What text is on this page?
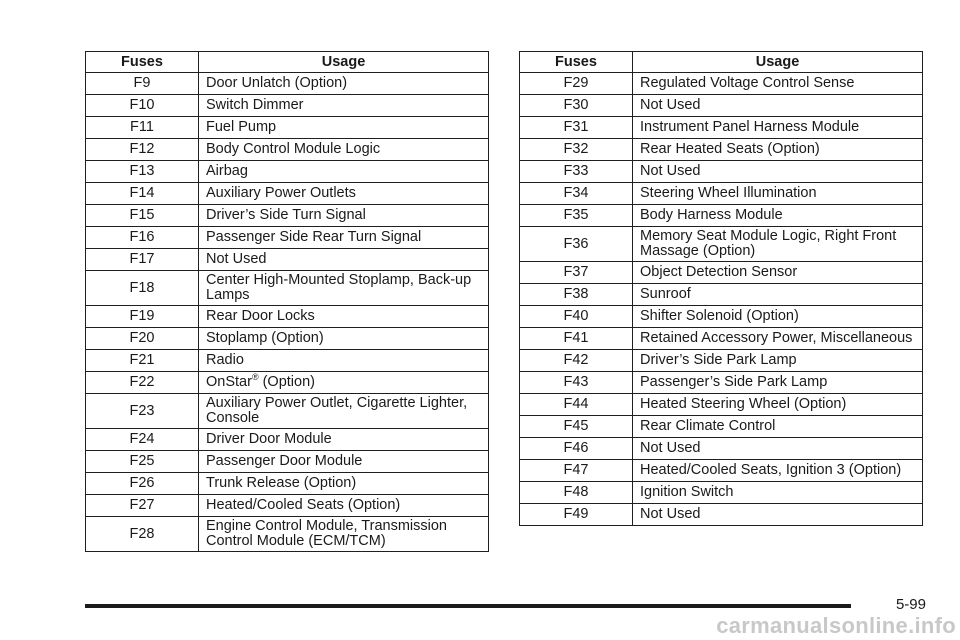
Fuses	Usage
F9	Door Unlatch (Option)
F10	Switch Dimmer
F11	Fuel Pump
F12	Body Control Module Logic
F13	Airbag
F14	Auxiliary Power Outlets
F15	Driver’s Side Turn Signal
F16	Passenger Side Rear Turn Signal
F17	Not Used
F18	Center High-Mounted Stoplamp, Back-up Lamps
F19	Rear Door Locks
F20	Stoplamp (Option)
F21	Radio
F22	OnStar® (Option)
F23	Auxiliary Power Outlet, Cigarette Lighter, Console
F24	Driver Door Module
F25	Passenger Door Module
F26	Trunk Release (Option)
F27	Heated/Cooled Seats (Option)
F28	Engine Control Module, Transmission Control Module (ECM/TCM)
Fuses	Usage
F29	Regulated Voltage Control Sense
F30	Not Used
F31	Instrument Panel Harness Module
F32	Rear Heated Seats (Option)
F33	Not Used
F34	Steering Wheel Illumination
F35	Body Harness Module
F36	Memory Seat Module Logic, Right Front Massage (Option)
F37	Object Detection Sensor
F38	Sunroof
F40	Shifter Solenoid (Option)
F41	Retained Accessory Power, Miscellaneous
F42	Driver’s Side Park Lamp
F43	Passenger’s Side Park Lamp
F44	Heated Steering Wheel (Option)
F45	Rear Climate Control
F46	Not Used
F47	Heated/Cooled Seats, Ignition 3 (Option)
F48	Ignition Switch
F49	Not Used
5-99
carmanualsonline.info
